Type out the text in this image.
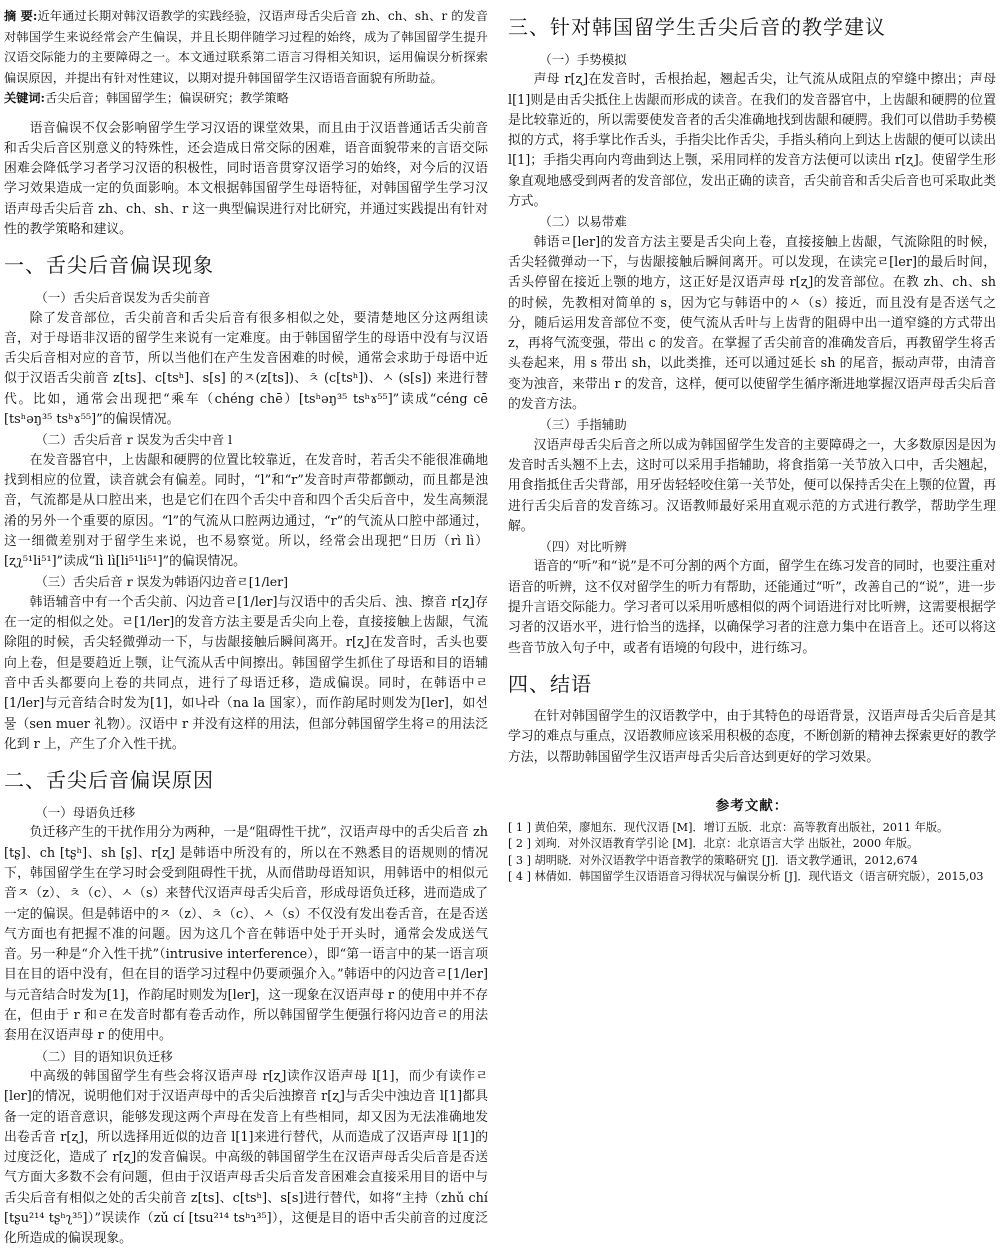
摘 要:近年通过长期对韩汉语教学的实践经验，汉语声母舌尖后音 zh、ch、sh、r 的发音对韩国学生来说经常会产生偏误，并且长期伴随学习过程的始终，成为了韩国留学生提升汉语交际能力的主要障碍之一。本文通过联系第二语言习得相关知识，运用偏误分析探索偏误原因，并提出有针对性建议，以期对提升韩国留学生汉语语音面貌有所助益。

关键词:舌尖后音；韩国留学生；偏误研究；教学策略

语音偏误不仅会影响留学生学习汉语的课堂效果，而且由于汉语普通话舌尖前音和舌尖后音区别意义的特殊性，还会造成日常交际的困难，语音面貌带来的言语交际困难会降低学习者学习汉语的积极性，同时语音贯穿汉语学习的始终，对今后的汉语学习效果造成一定的负面影响。本文根据韩国留学生母语特征，对韩国留学生学习汉语声母舌尖后音 zh、ch、sh、r 这一典型偏误进行对比研究，并通过实践提出有针对性的教学策略和建议。

一、舌尖后音偏误现象
（一）舌尖后音误发为舌尖前音

除了发音部位，舌尖前音和舌尖后音有很多相似之处，要清楚地区分这两组读音，对于母语非汉语的留学生来说有一定难度。由于韩国留学生的母语中没有与汉语舌尖后音相对应的音节，所以当他们在产生发音困难的时候，通常会求助于母语中近似于汉语舌尖前音 z[ts]、c[tsʰ]、s[s] 的ㅈ(z[ts])、ㅊ (c[tsʰ])、ㅅ (s[s]) 来进行替代。比如，通常会出现把“乘车（chéng chē）[tsʰəŋ³⁵ tsʰɤ⁵⁵]”读成“céng cē [tsʰəŋ³⁵ tsʰɤ⁵⁵]”的偏误情况。

（二）舌尖后音 r 误发为舌尖中音 l

在发音器官中，上齿龈和硬腭的位置比较靠近，在发音时，若舌尖不能很准确地找到相应的位置，读音就会有偏差。同时，“l”和“r”发音时声带都颤动，而且都是浊音，气流都是从口腔出来，也是它们在四个舌尖中音和四个舌尖后音中，发生高频混淆的另外一个重要的原因。“l”的气流从口腔两边通过，“r”的气流从口腔中部通过，这一细微差别对于留学生来说，也不易察觉。所以，经常会出现把“日历（rì lì）[ʐʅ⁵¹li⁵¹]”读成“lì lì[li⁵¹li⁵¹]”的偏误情况。

（三）舌尖后音 r 误发为韩语闪边音ㄹ[1/ler]

韩语辅音中有一个舌尖前、闪边音ㄹ[1/ler]与汉语中的舌尖后、浊、擦音 r[ʐ]存在一定的相似之处。ㄹ[1/ler]的发音方法主要是舌尖向上卷，直接接触上齿龈，气流除阻的时候，舌尖轻微弹动一下，与齿龈接触后瞬间离开。r[ʐ]在发音时，舌头也要向上卷，但是要趋近上颚，让气流从舌中间擦出。韩国留学生抓住了母语和目的语辅音中舌头都要向上卷的共同点，进行了母语迁移，造成偏误。同时，在韩语中ㄹ[1/ler]与元音结合时发为[1]，如나라（na la 国家），而作韵尾时则发为[ler]，如선물（sen muer 礼物）。汉语中 r 并没有这样的用法，但部分韩国留学生将ㄹ的用法泛化到 r 上，产生了介入性干扰。

二、舌尖后音偏误原因
（一）母语负迁移

负迁移产生的干扰作用分为两种，一是“阻碍性干扰”，汉语声母中的舌尖后音 zh [tʂ]、ch [tʂʰ]、sh [ʂ]、r[ʐ] 是韩语中所没有的，所以在不熟悉目的语规则的情况下，韩国留学生在学习时会受到阻碍性干扰，从而借助母语知识，用韩语中的相似元音ㅈ（z）、ㅊ（c）、ㅅ（s）来替代汉语声母舌尖后音，形成母语负迁移，进而造成了一定的偏误。但是韩语中的ㅈ（z）、ㅊ（c）、ㅅ（s）不仅没有发出卷舌音，在是否送气方面也有把握不准的问题。因为这几个音在韩语中处于开头时，通常会发成送气音。另一种是“介入性干扰”（intrusive interference），即“第一语言中的某一语言项目在目的语中没有，但在目的语学习过程中仍要顽强介入。”韩语中的闪边音ㄹ[1/ler]与元音结合时发为[1]，作韵尾时则发为[ler]，这一现象在汉语声母 r 的使用中并不存在，但由于 r 和ㄹ在发音时都有卷舌动作，所以韩国留学生便强行将闪边音ㄹ的用法套用在汉语声母 r 的使用中。

（二）目的语知识负迁移

中高级的韩国留学生有些会将汉语声母 r[ʐ]读作汉语声母 l[1]，而少有读作ㄹ[ler]的情况，说明他们对于汉语声母中的舌尖后浊擦音 r[ʐ]与舌尖中浊边音 l[1]都具备一定的语音意识，能够发现这两个声母在发音上有些相同，却又因为无法准确地发出卷舌音 r[ʐ]，所以选择用近似的边音 l[1]来进行替代，从而造成了汉语声母 l[1]的过度泛化，造成了 r[ʐ]的发音偏误。中高级的韩国留学生在汉语声母舌尖后音是否送气方面大多数不会有问题，但由于汉语声母舌尖后音发音困难会直接采用目的语中与舌尖后音有相似之处的舌尖前音 z[ts]、c[tsʰ]、s[s]进行替代，如将“主持（zhǔ chí [tʂu²¹⁴ tʂʰʅ³⁵]）”误读作（zǔ cí [tsu²¹⁴ tsʰɿ³⁵]），这便是目的语中舌尖前音的过度泛化所造成的偏误现象。

三、针对韩国留学生舌尖后音的教学建议
（一）手势模拟

声母 r[ʐ]在发音时，舌根抬起，翘起舌尖，让气流从成阻点的窄缝中擦出；声母 l[1]则是由舌尖抵住上齿龈而形成的读音。在我们的发音器官中，上齿龈和硬腭的位置是比较靠近的，所以需要使发音者的舌尖准确地找到齿龈和硬腭。我们可以借助手势模拟的方式，将手掌比作舌头，手指尖比作舌尖，手指头稍向上到达上齿龈的便可以读出 l[1]；手指尖再向内弯曲到达上颚，采用同样的发音方法便可以读出 r[ʐ]。使留学生形象直观地感受到两者的发音部位，发出正确的读音，舌尖前音和舌尖后音也可采取此类方式。

（二）以易带难

韩语ㄹ[ler]的发音方法主要是舌尖向上卷，直接接触上齿龈，气流除阻的时候，舌尖轻微弹动一下，与齿龈接触后瞬间离开。可以发现，在读完ㄹ[ler]的最后时间，舌头停留在接近上颚的地方，这正好是汉语声母 r[ʐ]的发音部位。在教 zh、ch、sh 的时候，先教相对简单的 s，因为它与韩语中的ㅅ（s）接近，而且没有是否送气之分，随后运用发音部位不变，使气流从舌叶与上齿背的阻碍中出一道窄缝的方式带出 z，再将气流变强，带出 c 的发音。在掌握了舌尖前音的准确发音后，再教留学生将舌头卷起来，用 s 带出 sh，以此类推，还可以通过延长 sh 的尾音，振动声带，由清音变为浊音，来带出 r 的发音，这样，便可以使留学生循序渐进地掌握汉语声母舌尖后音的发音方法。

（三）手指辅助

汉语声母舌尖后音之所以成为韩国留学生发音的主要障碍之一，大多数原因是因为发音时舌头翘不上去，这时可以采用手指辅助，将食指第一关节放入口中，舌尖翘起，用食指抵住舌尖背部，用牙齿轻轻咬住第一关节处，便可以保持舌尖在上颚的位置，再进行舌尖后音的发音练习。汉语教师最好采用直观示范的方式进行教学，帮助学生理解。

（四）对比听辨

语音的“听”和“说”是不可分割的两个方面，留学生在练习发音的同时，也要注重对语音的听辨，这不仅对留学生的听力有帮助，还能通过“听”，改善自己的“说”，进一步提升言语交际能力。学习者可以采用听感相似的两个词语进行对比听辨，这需要根据学习者的汉语水平，进行恰当的选择，以确保学习者的注意力集中在语音上。还可以将这些音节放入句子中，或者有语境的句段中，进行练习。

四、结语

在针对韩国留学生的汉语教学中，由于其特色的母语背景，汉语声母舌尖后音是其学习的难点与重点，汉语教师应该采用积极的态度，不断创新的精神去探索更好的教学方法，以帮助韩国留学生汉语声母舌尖后音达到更好的学习效果。

参考文献：

[ 1 ] 黄伯荣，廖旭东．现代汉语 [M]．增订五版．北京：高等教育出版社，2011 年版。

[ 2 ] 刘珣．对外汉语教育学引论 [M]．北京：北京语言大学 出版社，2000 年版。

[ 3 ] 胡明晓．对外汉语教学中语音教学的策略研究 [J]．语文教学通讯，2012,674

[ 4 ] 林倩如．韩国留学生汉语语音习得状况与偏误分析 [J]．现代语文（语言研究版），2015,03
